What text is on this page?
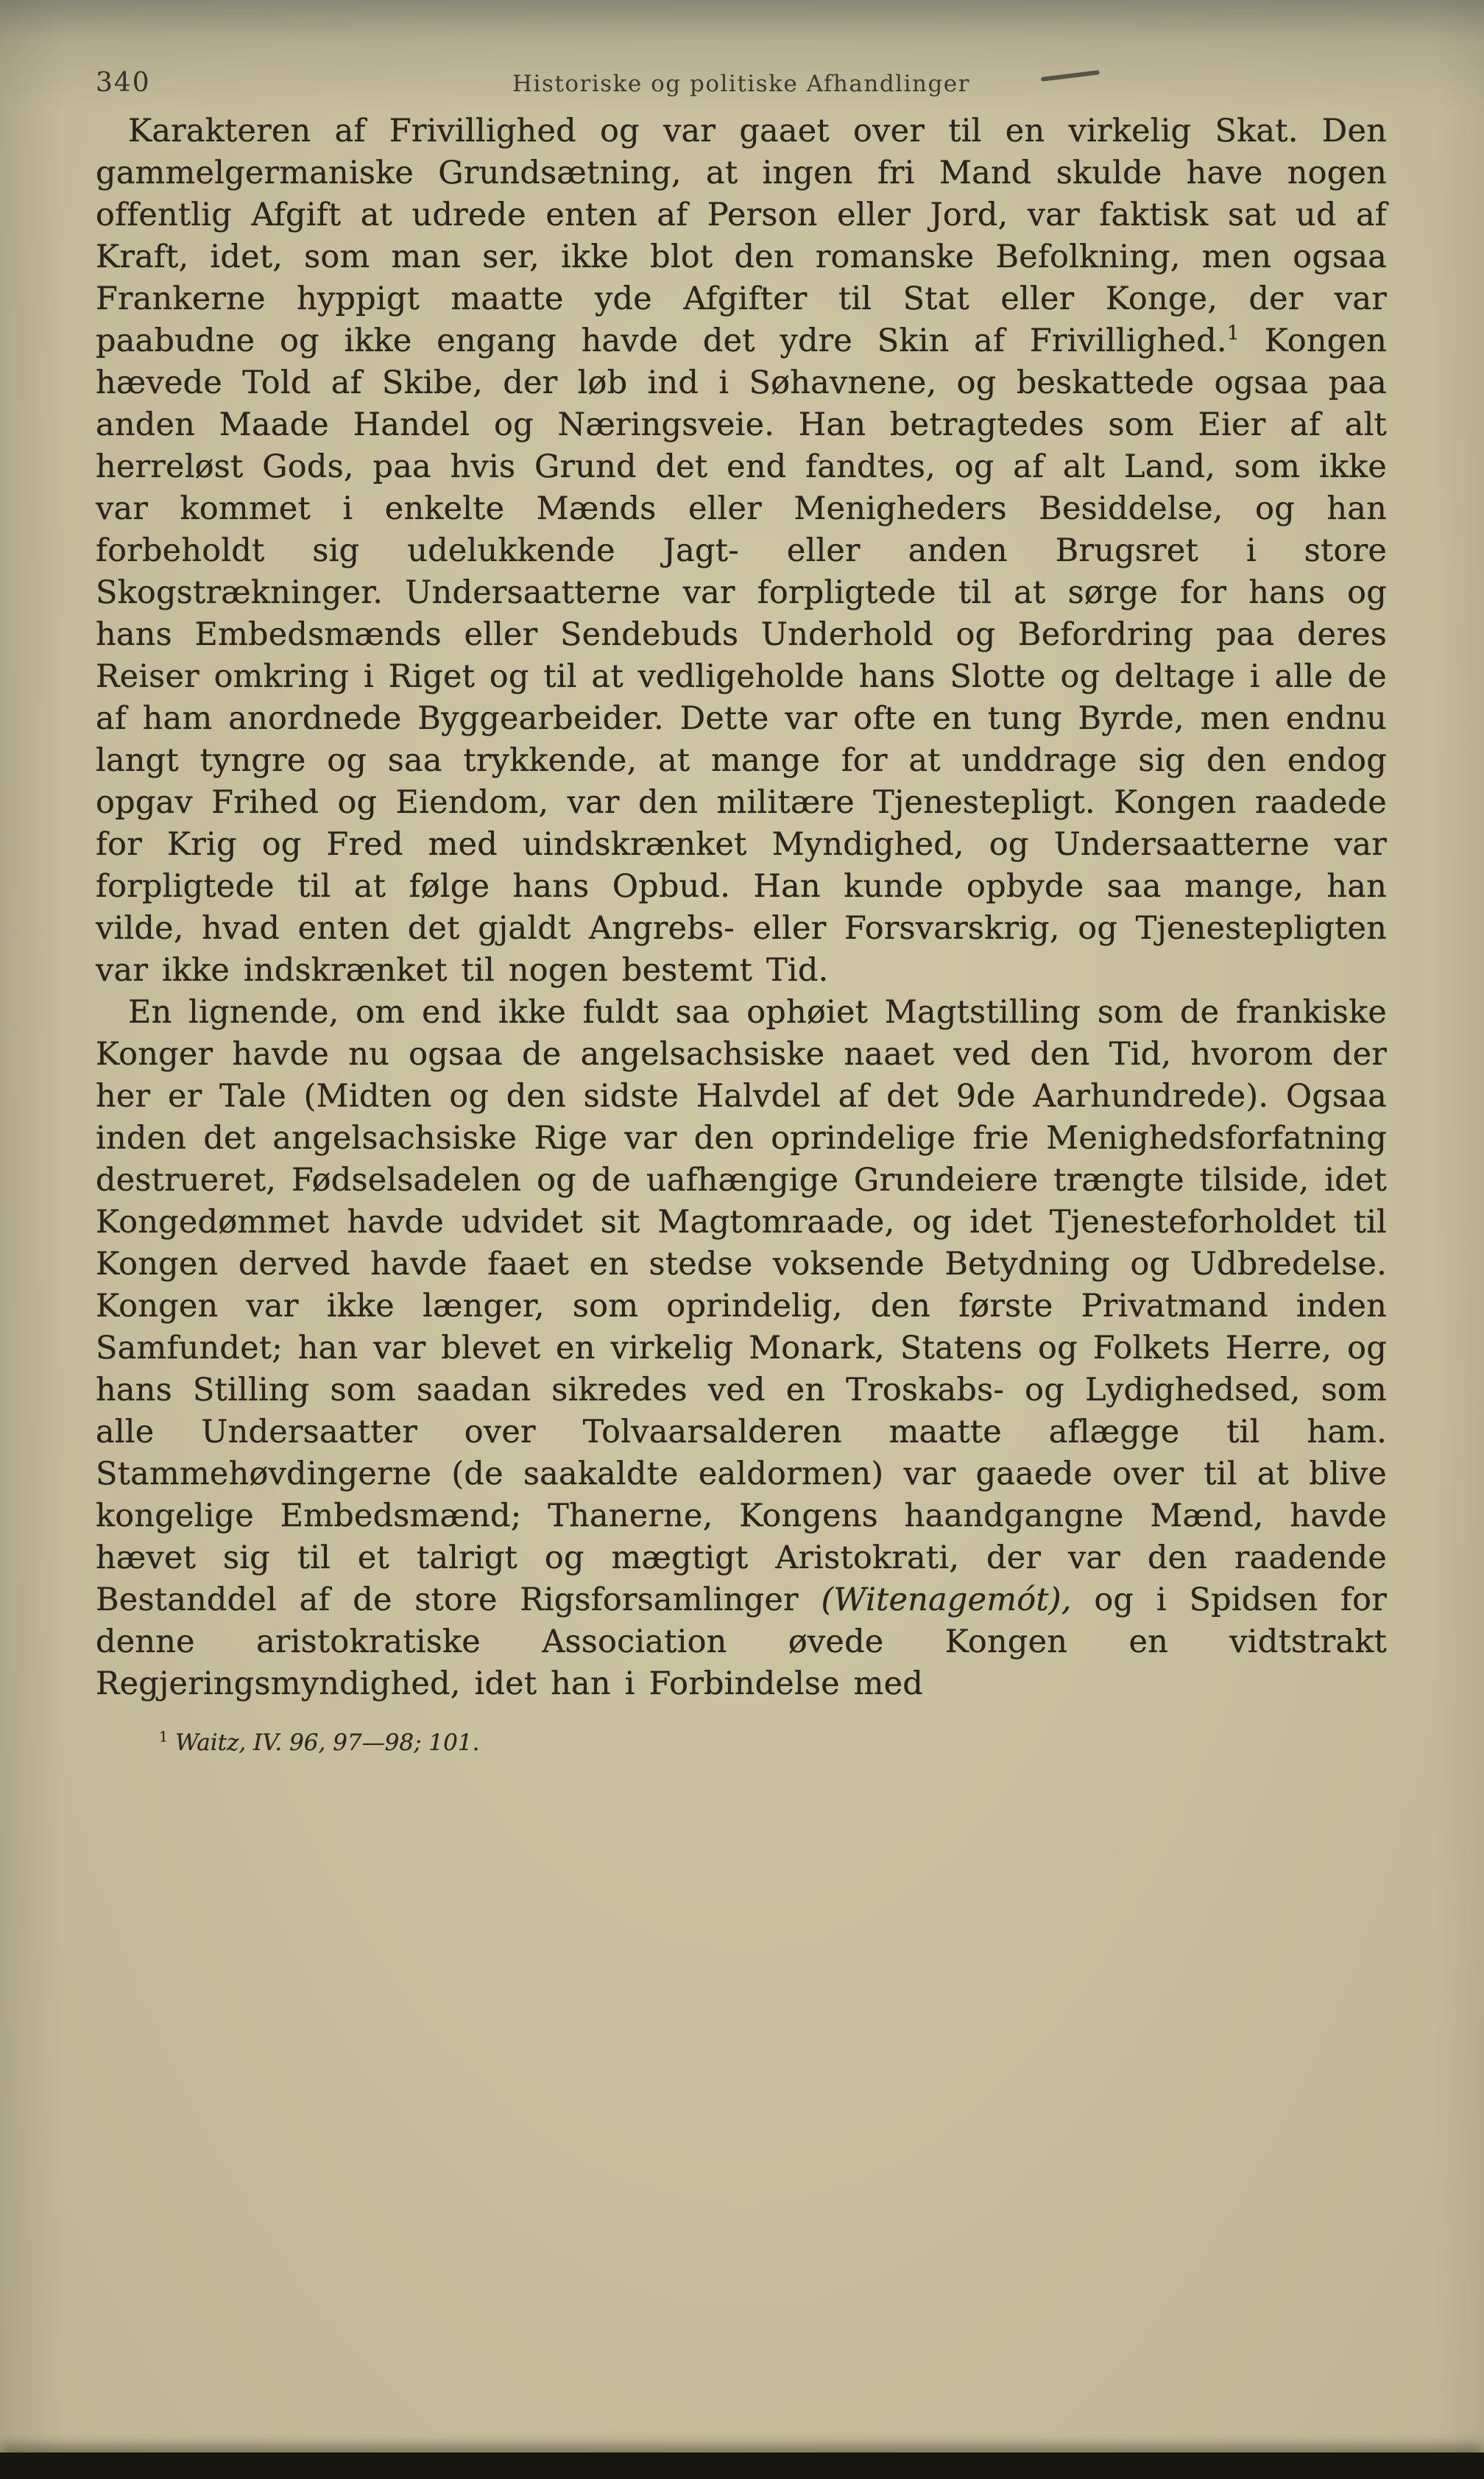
340	Historiske og politiske Afhandlinger

Karakteren af Frivillighed og var gaaet over til en virkelig Skat. Den gammelgermaniske Grundsætning, at ingen fri Mand skulde have nogen offentlig Afgift at udrede enten af Person eller Jord, var faktisk sat ud af Kraft, idet, som man ser, ikke blot den romanske Befolkning, men ogsaa Frankerne hyppigt maatte yde Afgifter til Stat eller Konge, der var paabudne og ikke engang havde det ydre Skin af Frivillighed.$^1$ Kongen hævede Told af Skibe, der løb ind i Søhavnene, og beskattede ogsaa paa anden Maade Handel og Næringsveie. Han betragtedes som Eier af alt herreløst Gods, paa hvis Grund det end fandtes, og af alt Land, som ikke var kommet i enkelte Mænds eller Menigheders Besiddelse, og han forbeholdt sig udelukkende Jagt- eller anden Brugsret i store Skogstrækninger. Undersaatterne var forpligtede til at sørge for hans og hans Embedsmænds eller Sendebuds Underhold og Befordring paa deres Reiser omkring i Riget og til at vedligeholde hans Slotte og deltage i alle de af ham anordnede Byggearbeider. Dette var ofte en tung Byrde, men endnu langt tyngre og saa trykkende, at mange for at unddrage sig den endog opgav Frihed og Eiendom, var den militære Tjenestepligt. Kongen raadede for Krig og Fred med uindskrænket Myndighed, og Undersaatterne var forpligtede til at følge hans Opbud. Han kunde opbyde saa mange, han vilde, hvad enten det gjaldt Angrebs- eller Forsvarskrig, og Tjenestepligten var ikke indskrænket til nogen bestemt Tid.

En lignende, om end ikke fuldt saa ophøiet Magtstilling som de frankiske Konger havde nu ogsaa de angelsachsiske naaet ved den Tid, hvorom der her er Tale (Midten og den sidste Halvdel af det 9de Aarhundrede). Ogsaa inden det angelsachsiske Rige var den oprindelige frie Menighedsforfatning destrueret, Fødselsadelen og de uafhængige Grundeiere trængte tilside, idet Kongedømmet havde udvidet sit Magtomraade, og idet Tjenesteforholdet til Kongen derved havde faaet en stedse voksende Betydning og Udbredelse. Kongen var ikke længer, som oprindelig, den første Privatmand inden Samfundet; han var blevet en virkelig Monark, Statens og Folkets Herre, og hans Stilling som saadan sikredes ved en Troskabs- og Lydighedsed, som alle Undersaatter over Tolvaarsalderen maatte aflægge til ham. Stammehøvdingerne (de saakaldte ealdormen) var gaaede over til at blive kongelige Embedsmænd; Thanerne, Kongens haandgangne Mænd, havde hævet sig til et talrigt og mægtigt Aristokrati, der var den raadende Bestanddel af de store Rigsforsamlinger (Witenagemót), og i Spidsen for denne aristokratiske Association øvede Kongen en vidtstrakt Regjeringsmyndighed, idet han i Forbindelse med

$^1$ Waitz, IV. 96, 97—98; 101.
